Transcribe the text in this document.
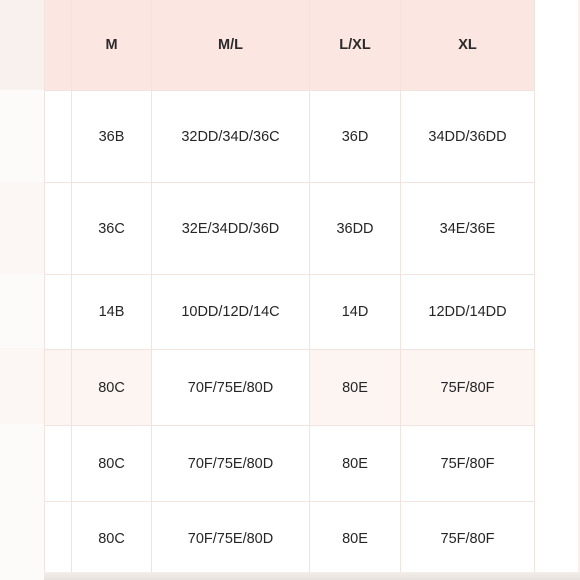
	M	M/L	L/XL	XL
	36B	32DD/34D/36C	36D	34DD/36DD
	36C	32E/34DD/36D	36DD	34E/36E
	14B	10DD/12D/14C	14D	12DD/14DD
	80C	70F/75E/80D	80E	75F/80F
	80C	70F/75E/80D	80E	75F/80F
	80C	70F/75E/80D	80E	75F/80F
